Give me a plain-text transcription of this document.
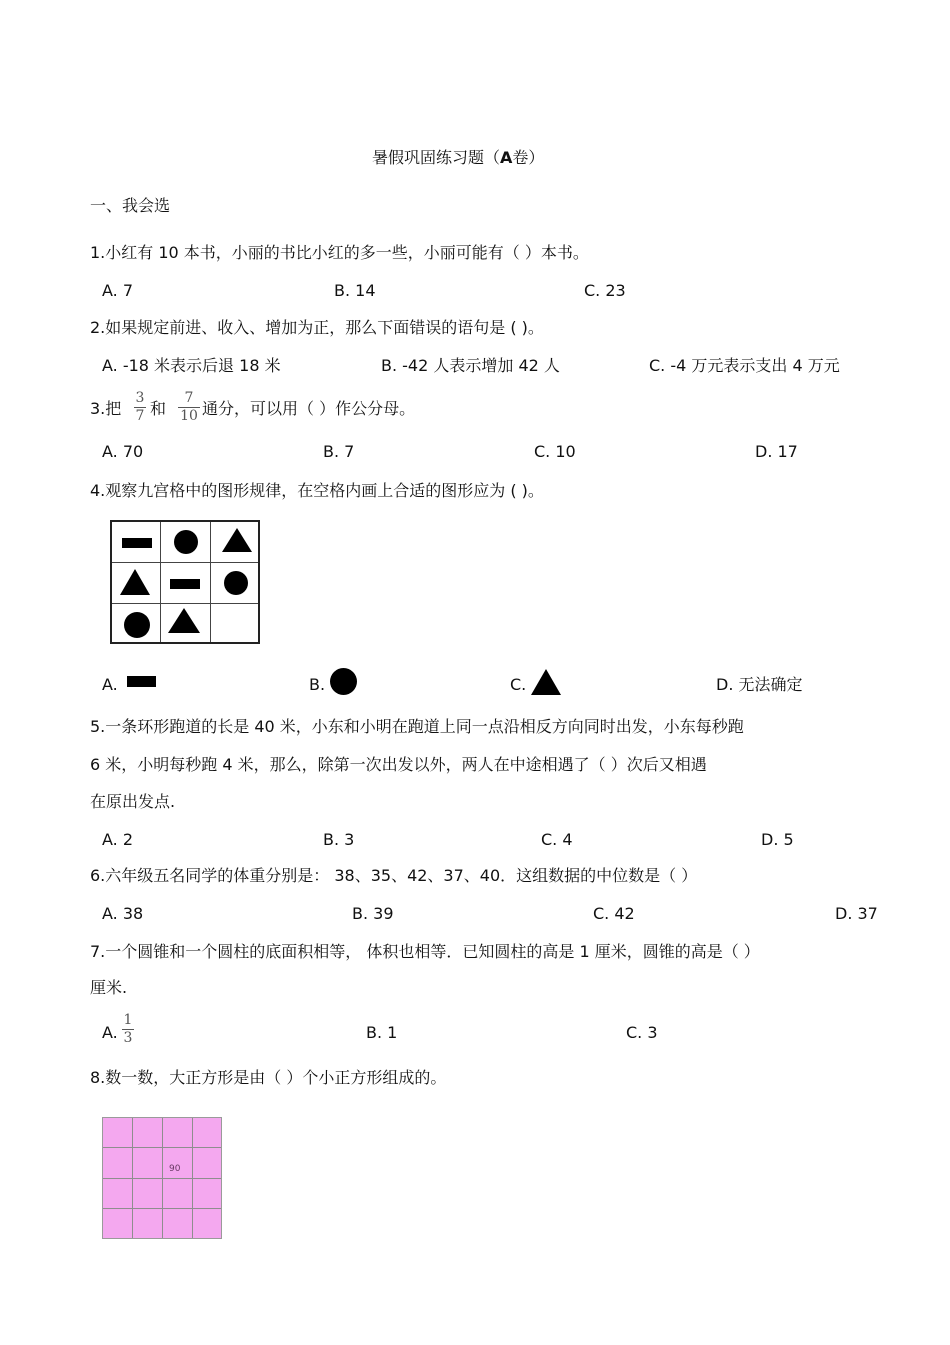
暑假巩固练习题（A卷）
一、我会选
1.小红有 10 本书，小丽的书比小红的多一些，小丽可能有（ ）本书。
A. 7	B. 14	C. 23
2.如果规定前进、收入、增加为正，那么下面错误的语句是 ( )。
A. -18 米表示后退 18 米	B. -42 人表示增加 42 人	C. -4 万元表示支出 4 万元
3.把
3
7 和
7
10 通分，可以用（ ）作公分母。
A. 70	B. 7	C. 10	D. 17
4.观察九宫格中的图形规律，在空格内画上合适的图形应为 ( )。
A.	B.	C.	D. 无法确定
5.一条环形跑道的长是 40 米，小东和小明在跑道上同一点沿相反方向同时出发，小东每秒跑
6 米，小明每秒跑 4 米，那么，除第一次出发以外，两人在中途相遇了（ ）次后又相遇
在原出发点.
A. 2	B. 3	C. 4	D. 5
6.六年级五名同学的体重分别是： 38、35、42、37、40．这组数据的中位数是（ ）
A. 38	B. 39	C. 42	D. 37
7.一个圆锥和一个圆柱的底面积相等， 体积也相等．已知圆柱的高是 1 厘米，圆锥的高是（ ）
厘米.
A.
1
3	B. 1	C. 3
8.数一数，大正方形是由（ ）个小正方形组成的。
90
